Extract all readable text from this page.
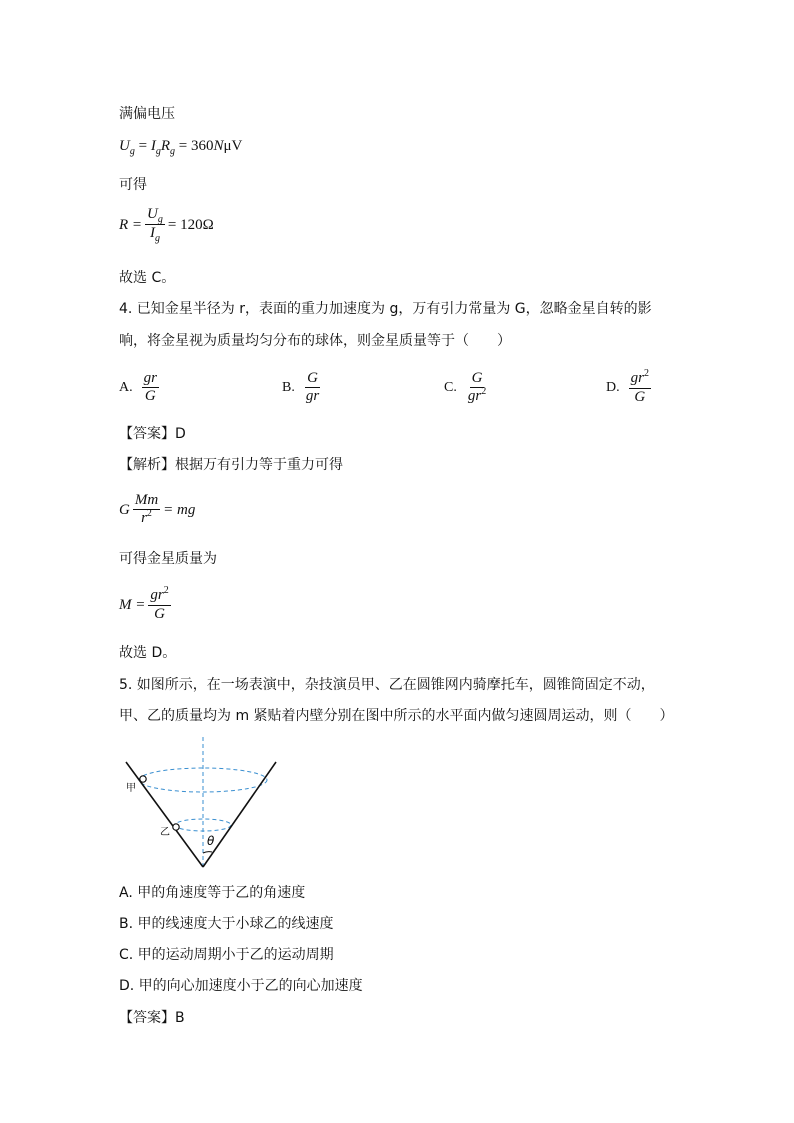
满偏电压
$U_g = I_gR_g = 360N\mu V$
可得
$R = \frac{U_g}{I_g} = 120\Omega$
故选 C。
4. 已知金星半径为 r，表面的重力加速度为 g，万有引力常量为 G，忽略金星自转的影
响，将金星视为质量均匀分布的球体，则金星质量等于（　　）
A. $\frac{gr}{G}$	B. $\frac{G}{gr}$	C. $\frac{G}{gr^2}$	D. $\frac{gr^2}{G}$
【答案】D
【解析】根据万有引力等于重力可得
G $\frac{Mm}{r^2}$ = mg
可得金星质量为
$M = \frac{gr^2}{G}$
故选 D。
5. 如图所示，在一场表演中，杂技演员甲、乙在圆锥网内骑摩托车，圆锥筒固定不动，
甲、乙的质量均为 m 紧贴着内壁分别在图中所示的水平面内做匀速圆周运动，则（　　）
θ
甲
乙
A. 甲的角速度等于乙的角速度
B. 甲的线速度大于小球乙的线速度
C. 甲的运动周期小于乙的运动周期
D. 甲的向心加速度小于乙的向心加速度
【答案】B
